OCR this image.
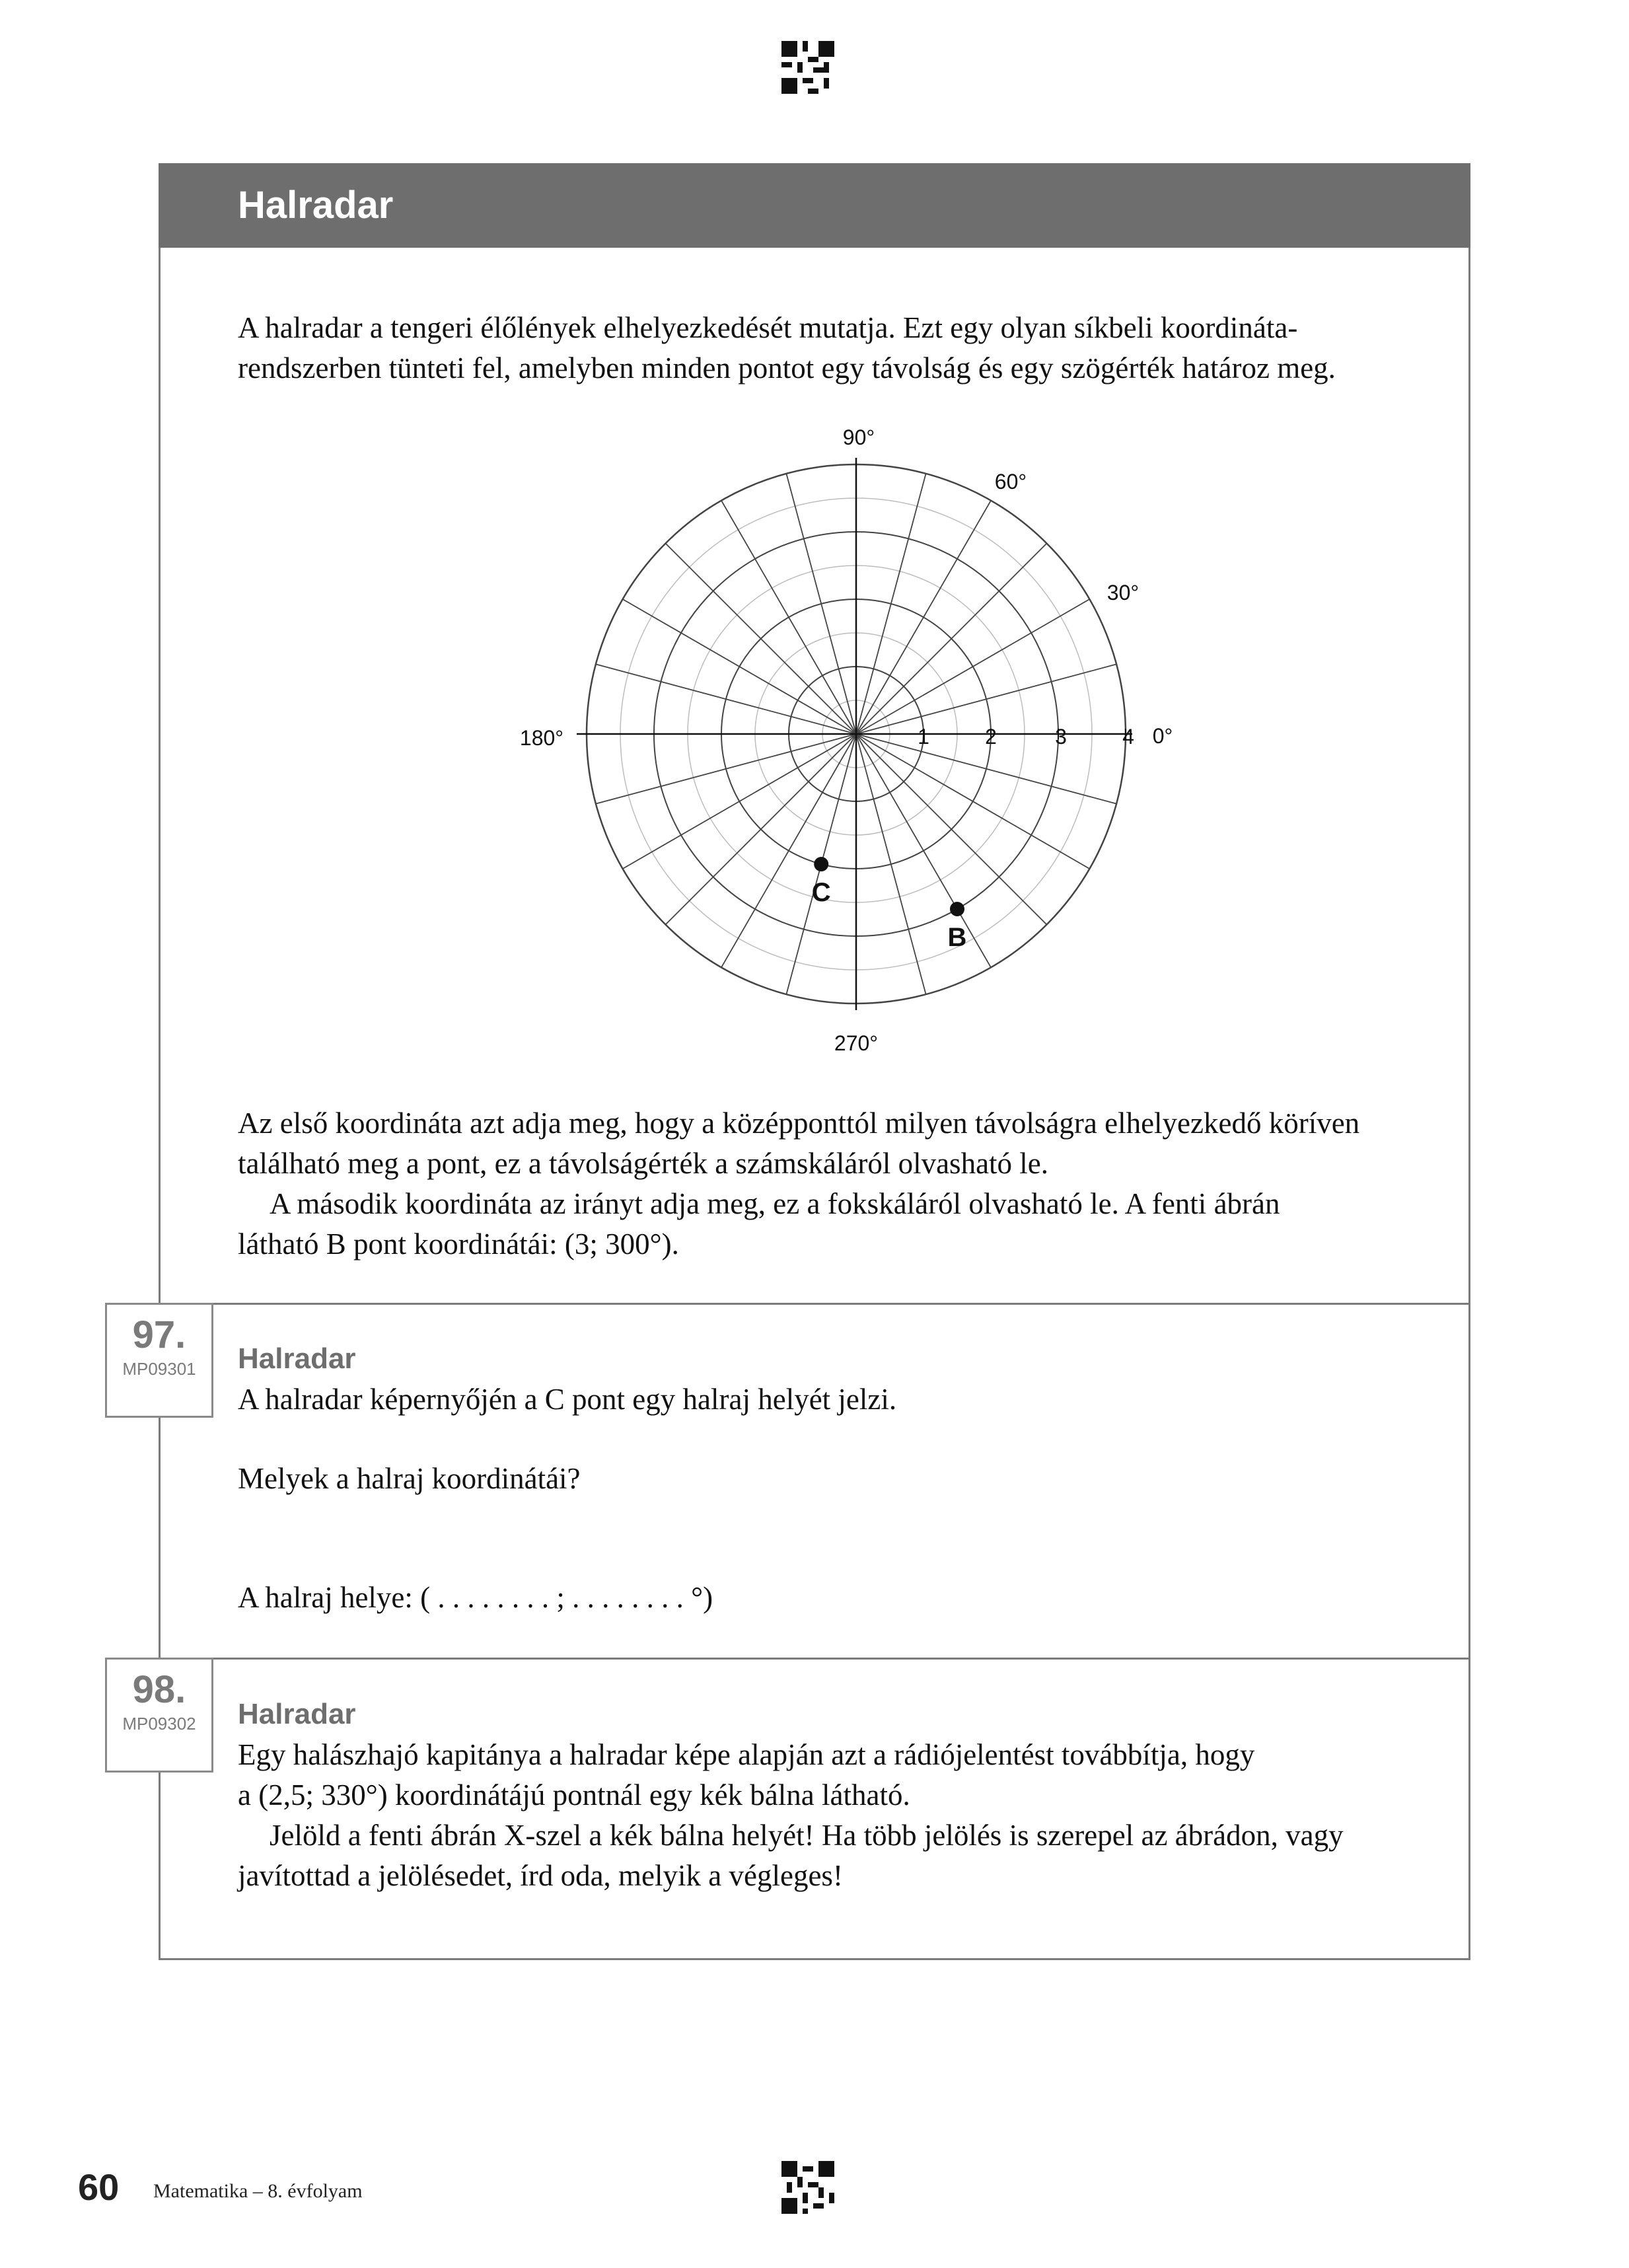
Halradar

A halradar a tengeri élőlények elhelyezkedését mutatja. Ezt egy olyan síkbeli koordináta-
rendszerben tünteti fel, amelyben minden pontot egy távolság és egy szögérték határoz meg.

90°
60°
30°
180°	0°
270°
1	2	3	4
B
C

Az első koordináta azt adja meg, hogy a középponttól milyen távolságra elhelyezkedő köríven
található meg a pont, ez a távolságérték a számskáláról olvasható le.
A második koordináta az irányt adja meg, ez a fokskáláról olvasható le. A fenti ábrán
látható B pont koordinátái: (3; 300°).

97.
MP09301	Halradar

A halradar képernyőjén a C pont egy halraj helyét jelzi.

Melyek a halraj koordinátái?

A halraj helye: ( . . . . . . . . ; . . . . . . . . °)

98.
MP09302	Halradar

Egy halászhajó kapitánya a halradar képe alapján azt a rádiójelentést továbbítja, hogy
a (2,5; 330°) koordinátájú pontnál egy kék bálna látható.
Jelöld a fenti ábrán X-szel a kék bálna helyét! Ha több jelölés is szerepel az ábrádon, vagy
javítottad a jelölésedet, írd oda, melyik a végleges!

60 Matematika – 8. évfolyam
